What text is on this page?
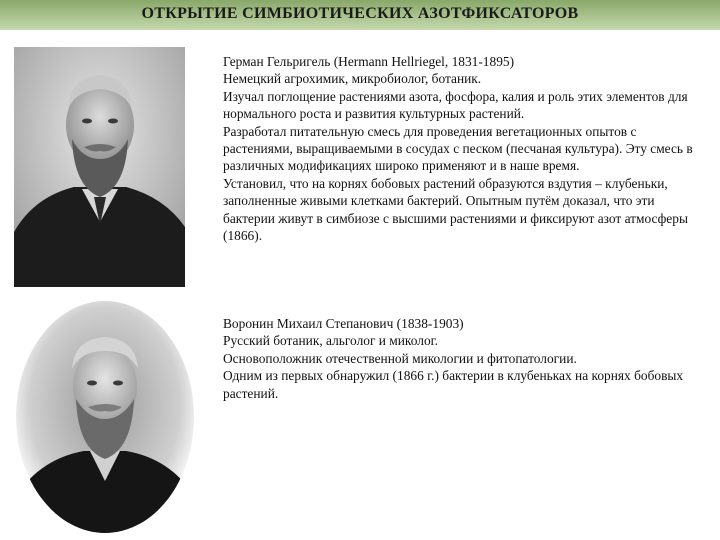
ОТКРЫТИЕ СИМБИОТИЧЕСКИХ АЗОТФИКСАТОРОВ

Герман Гельригель (Hermann Hellriegel, 1831-1895)

Немецкий агрохимик, микробиолог, ботаник.

Изучал поглощение растениями азота, фосфора, калия и роль этих элементов для нормального роста и развития культурных растений.

Разработал питательную смесь для проведения вегетационных опытов с растениями, выращиваемыми в сосудах с песком (песчаная культура). Эту смесь в различных модификациях широко применяют и в наше время.

Установил, что на корнях бобовых растений образуются вздутия – клубеньки, заполненные живыми клетками бактерий. Опытным путём доказал, что эти бактерии живут в симбиозе с высшими растениями и фиксируют азот атмосферы (1866).

Воронин Михаил Степанович (1838-1903)

Русский ботаник, альголог и миколог.

Основоположник отечественной микологии и фитопатологии.

Одним из первых обнаружил (1866 г.) бактерии в клубеньках на корнях бобовых растений.
